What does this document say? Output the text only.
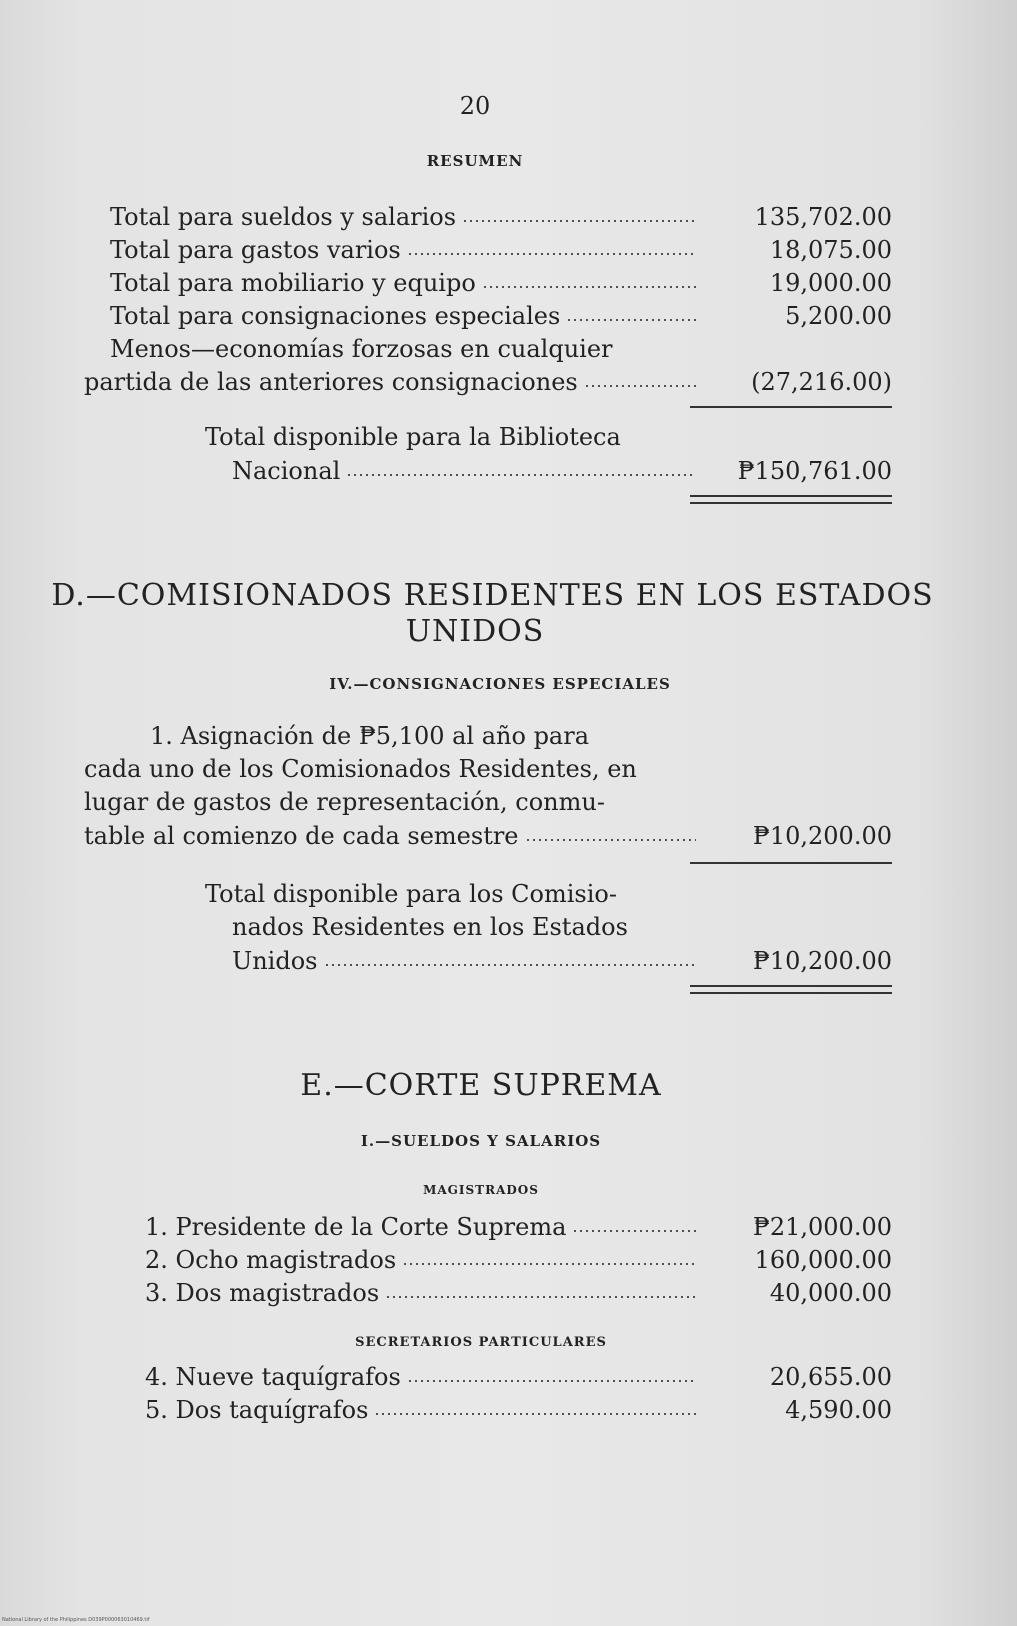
20
RESUMEN
Total para sueldos y salarios	135,702.00
Total para gastos varios	18,075.00
Total para mobiliario y equipo	19,000.00
Total para consignaciones especiales	5,200.00
Menos—economías forzosas en cualquier
partida de las anteriores consignaciones	(27,216.00)
Total disponible para la Biblioteca
Nacional	₱150,761.00
D.—COMISIONADOS RESIDENTES EN LOS ESTADOS
UNIDOS
IV.—CONSIGNACIONES ESPECIALES
1. Asignación de ₱5,100 al año para
cada uno de los Comisionados Residentes, en
lugar de gastos de representación, conmu-
table al comienzo de cada semestre	₱10,200.00
Total disponible para los Comisio-
nados Residentes en los Estados
Unidos	₱10,200.00
E.—CORTE SUPREMA
I.—SUELDOS Y SALARIOS
MAGISTRADOS
1. Presidente de la Corte Suprema	₱21,000.00
2. Ocho magistrados	160,000.00
3. Dos magistrados	40,000.00
SECRETARIOS PARTICULARES
4. Nueve taquígrafos	20,655.00
5. Dos taquígrafos	4,590.00
National Library of the Philippines D039P000063010469.tif
